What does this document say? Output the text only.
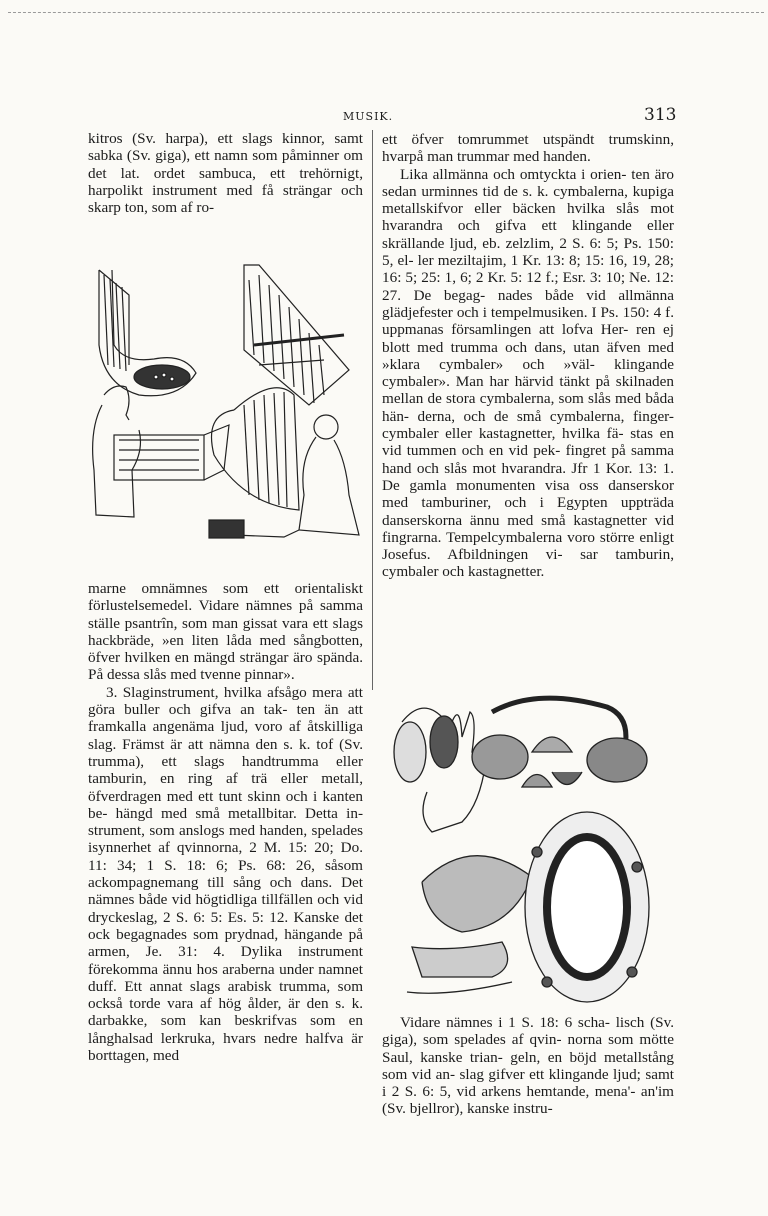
MUSIK.	313

kitros (Sv. harpa), ett slags kinnor, samt sabka (Sv. giga), ett namn som påminner om det lat. ordet sambuca, ett trehörnigt, harpolikt instrument med få strängar och skarp ton, som af ro-

marne omnämnes som ett orientaliskt förlustelsemedel. Vidare nämnes på samma ställe psantrîn, som man gissat vara ett slags hackbräde, »en liten låda med sångbotten, öfver hvilken en mängd strängar äro spända. På dessa slås med tvenne pinnar».

3. Slaginstrument, hvilka afsågo mera att göra buller och gifva an tak- ten än att framkalla angenäma ljud, voro af åtskilliga slag. Främst är att nämna den s. k. tof (Sv. trumma), ett slags handtrumma eller tamburin, en ring af trä eller metall, öfverdragen med ett tunt skinn och i kanten be- hängd med små metallbitar. Detta in- strument, som anslogs med handen, spelades isynnerhet af qvinnorna, 2 M. 15: 20; Do. 11: 34; 1 S. 18: 6; Ps. 68: 26, såsom ackompagnemang till sång och dans. Det nämnes både vid högtidliga tillfällen och vid dryckeslag, 2 S. 6: 5: Es. 5: 12. Kanske det ock begagnades som prydnad, hängande på armen, Je. 31: 4. Dylika instrument förekomma ännu hos araberna under namnet duff. Ett annat slags arabisk trumma, som också torde vara af hög ålder, är den s. k. darbakke, som kan beskrifvas som en långhalsad lerkruka, hvars nedre halfva är borttagen, med

ett öfver tomrummet utspändt trumskinn, hvarpå man trummar med handen.

Lika allmänna och omtyckta i orien- ten äro sedan urminnes tid de s. k. cymbalerna, kupiga metallskifvor eller bäcken hvilka slås mot hvarandra och gifva ett klingande eller skrällande ljud, eb. zelzlim, 2 S. 6: 5; Ps. 150: 5, el- ler meziltajim, 1 Kr. 13: 8; 15: 16, 19, 28; 16: 5; 25: 1, 6; 2 Kr. 5: 12 f.; Esr. 3: 10; Ne. 12: 27. De begag- nades både vid allmänna glädjefester och i tempelmusiken. I Ps. 150: 4 f. uppmanas församlingen att lofva Her- ren ej blott med trumma och dans, utan äfven med »klara cymbaler» och »väl- klingande cymbaler». Man har härvid tänkt på skilnaden mellan de stora cymbalerna, som slås med båda hän- derna, och de små cymbalerna, finger- cymbaler eller kastagnetter, hvilka fä- stas en vid tummen och en vid pek- fingret på samma hand och slås mot hvarandra. Jfr 1 Kor. 13: 1. De gamla monumenten visa oss danserskor med tamburiner, och i Egypten uppträda danserskorna ännu med små kastagnetter vid fingrarna. Tempelcymbalerna voro större enligt Josefus. Afbildningen vi- sar tamburin, cymbaler och kastagnetter.

Vidare nämnes i 1 S. 18: 6 scha- lisch (Sv. giga), som spelades af qvin- norna som mötte Saul, kanske trian- geln, en böjd metallstång som vid an- slag gifver ett klingande ljud; samt i 2 S. 6: 5, vid arkens hemtande, mena'- an'im (Sv. bjellror), kanske instru-
